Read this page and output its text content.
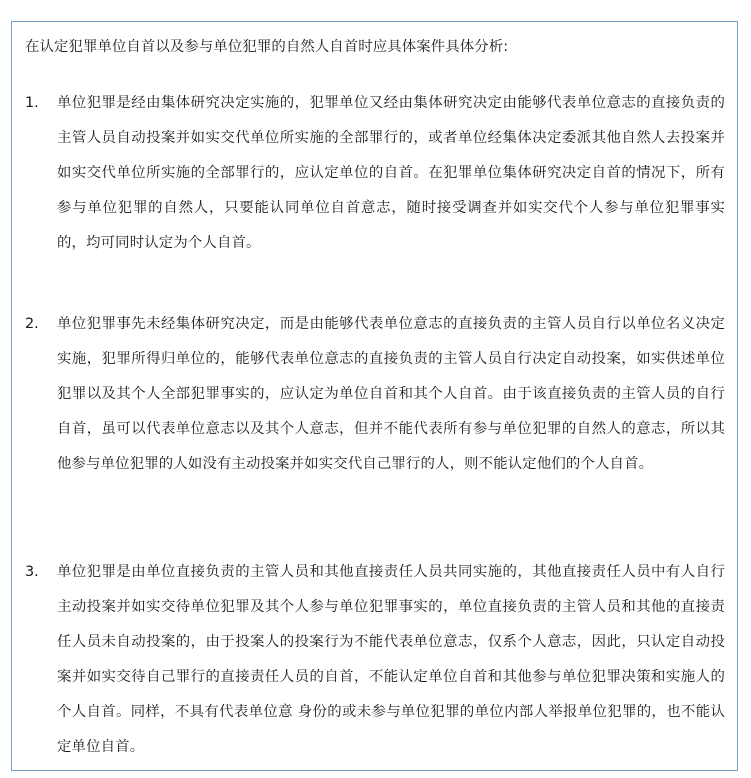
在认定犯罪单位自首以及参与单位犯罪的自然人自首时应具体案件具体分析:
1. 单位犯罪是经由集体研究决定实施的，犯罪单位又经由集体研究决定由能够代表单位意志的直接负责的主管人员自动投案并如实交代单位所实施的全部罪行的，或者单位经集体决定委派其他自然人去投案并如实交代单位所实施的全部罪行的，应认定单位的自首。在犯罪单位集体研究决定自首的情况下，所有参与单位犯罪的自然人，只要能认同单位自首意志，随时接受调查并如实交代个人参与单位犯罪事实的，均可同时认定为个人自首。
2. 单位犯罪事先未经集体研究决定，而是由能够代表单位意志的直接负责的主管人员自行以单位名义决定实施，犯罪所得归单位的，能够代表单位意志的直接负责的主管人员自行决定自动投案，如实供述单位犯罪以及其个人全部犯罪事实的，应认定为单位自首和其个人自首。由于该直接负责的主管人员的自行自首，虽可以代表单位意志以及其个人意志，但并不能代表所有参与单位犯罪的自然人的意志，所以其他参与单位犯罪的人如没有主动投案并如实交代自己罪行的人，则不能认定他们的个人自首。
3. 单位犯罪是由单位直接负责的主管人员和其他直接责任人员共同实施的，其他直接责任人员中有人自行主动投案并如实交待单位犯罪及其个人参与单位犯罪事实的，单位直接负责的主管人员和其他的直接责任人员未自动投案的，由于投案人的投案行为不能代表单位意志，仅系个人意志，因此，只认定自动投案并如实交待自己罪行的直接责任人员的自首，不能认定单位自首和其他参与单位犯罪决策和实施人的个人自首。同样，不具有代表单位意 身份的或未参与单位犯罪的单位内部人举报单位犯罪的，也不能认定单位自首。
